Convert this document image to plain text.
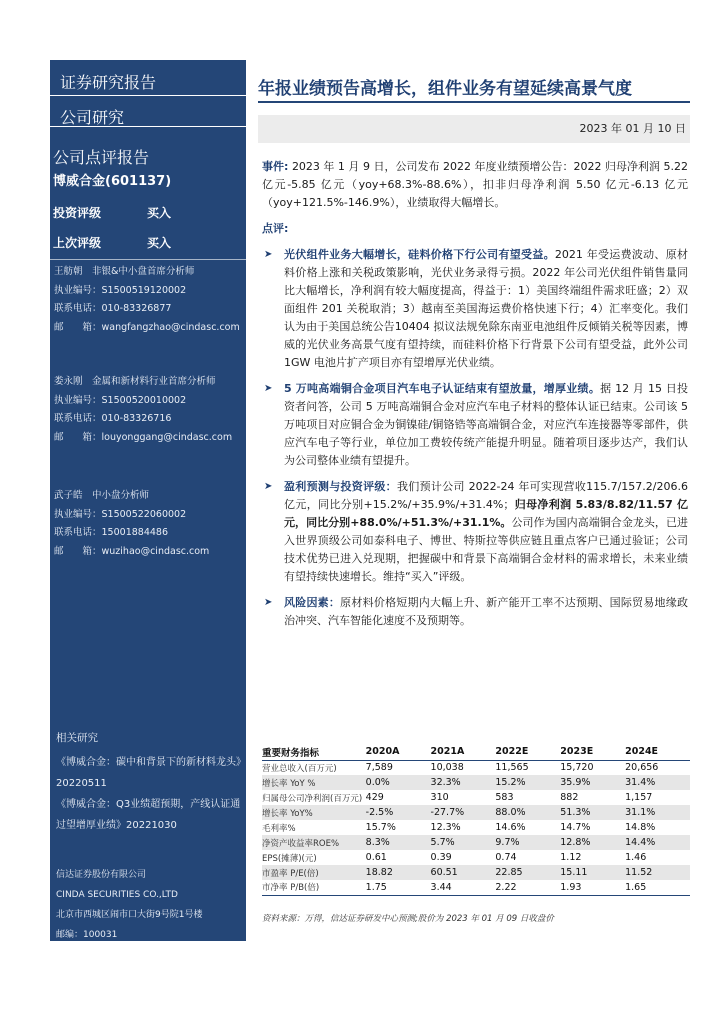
证券研究报告
公司研究
公司点评报告
博威合金(601137)
投资评级	买入
上次评级	买入
王舫朝　非银&中小盘首席分析师
执业编号：S1500519120002
联系电话：010-83326877
邮　　箱：wangfangzhao@cindasc.com
娄永刚　金属和新材料行业首席分析师
执业编号：S1500520010002
联系电话：010-83326716
邮　　箱：louyonggang@cindasc.com
武子皓　中小盘分析师
执业编号：S1500522060002
联系电话：15001884486
邮　　箱：wuzihao@cindasc.com
相关研究
《博威合金：碳中和背景下的新材料龙头》20220511
《博威合金：Q3业绩超预期，产线认证通过望增厚业绩》20221030
信达证券股份有限公司
CINDA SECURITIES CO.,LTD
北京市西城区闹市口大街9号院1号楼
邮编：100031
年报业绩预告高增长，组件业务有望延续高景气度
2023 年 01 月 10 日
事件: 2023 年 1 月 9 日，公司发布 2022 年度业绩预增公告：2022 归母净利润 5.22 亿元-5.85 亿元（yoy+68.3%-88.6%），扣非归母净利润 5.50 亿元-6.13 亿元（yoy+121.5%-146.9%），业绩取得大幅增长。
点评:
➤ 光伏组件业务大幅增长，硅料价格下行公司有望受益。2021 年受运费波动、原材料价格上涨和关税政策影响，光伏业务录得亏损。2022 年公司光伏组件销售量同比大幅增长，净利润有较大幅度提高，得益于：1）美国终端组件需求旺盛；2）双面组件 201 关税取消；3）越南至美国海运费价格快速下行；4）汇率变化。我们认为由于美国总统公告10404 拟议法规免除东南亚电池组件反倾销关税等因素，博威的光伏业务高景气度有望持续，而硅料价格下行背景下公司有望受益，此外公司1GW 电池片扩产项目亦有望增厚光伏业绩。
➤ 5 万吨高端铜合金项目汽车电子认证结束有望放量，增厚业绩。据 12 月 15 日投资者问答，公司 5 万吨高端铜合金对应汽车电子材料的整体认证已结束。公司该 5 万吨项目对应铜合金为铜镍硅/铜铬锆等高端铜合金，对应汽车连接器等零部件，供应汽车电子等行业，单位加工费较传统产能提升明显。随着项目逐步达产，我们认为公司整体业绩有望提升。
➤ 盈利预测与投资评级：我们预计公司 2022-24 年可实现营收115.7/157.2/206.6 亿元，同比分别+15.2%/+35.9%/+31.4%；归母净利润 5.83/8.82/11.57 亿元，同比分别+88.0%/+51.3%/+31.1%。公司作为国内高端铜合金龙头，已进入世界顶级公司如泰科电子、博世、特斯拉等供应链且重点客户已通过验证；公司技术优势已进入兑现期，把握碳中和背景下高端铜合金材料的需求增长，未来业绩有望持续快速增长。维持“买入”评级。
➤ 风险因素：原材料价格短期内大幅上升、新产能开工率不达预期、国际贸易地缘政治冲突、汽车智能化速度不及预期等。
重要财务指标	2020A	2021A	2022E	2023E	2024E
营业总收入(百万元)	7,589	10,038	11,565	15,720	20,656
增长率 YoY %	0.0%	32.3%	15.2%	35.9%	31.4%
归属母公司净利润(百万元)	429	310	583	882	1,157
增长率 YoY%	-2.5%	-27.7%	88.0%	51.3%	31.1%
毛利率%	15.7%	12.3%	14.6%	14.7%	14.8%
净资产收益率ROE%	8.3%	5.7%	9.7%	12.8%	14.4%
EPS(摊薄)(元)	0.61	0.39	0.74	1.12	1.46
市盈率 P/E(倍)	18.82	60.51	22.85	15.11	11.52
市净率 P/B(倍)	1.75	3.44	2.22	1.93	1.65
资料来源：万得，信达证券研发中心预测;股价为 2023 年 01 月 09 日收盘价
